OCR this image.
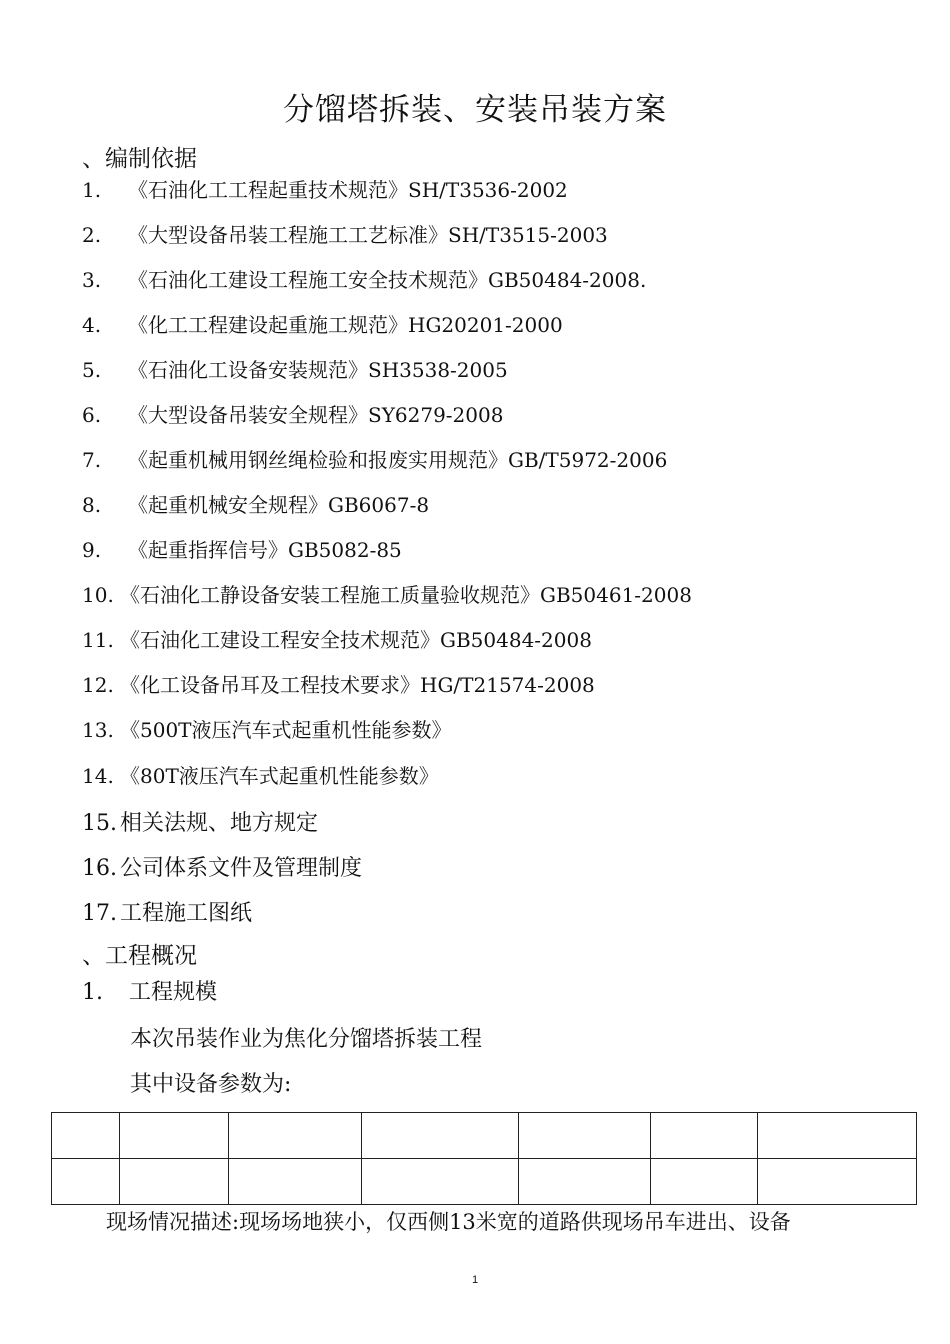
分馏塔拆装、安装吊装方案
、编制依据
1. 《石油化工工程起重技术规范》SH/T3536-2002
2. 《大型设备吊装工程施工工艺标准》SH/T3515-2003
3. 《石油化工建设工程施工安全技术规范》GB50484-2008.
4. 《化工工程建设起重施工规范》HG20201-2000
5. 《石油化工设备安装规范》SH3538-2005
6. 《大型设备吊装安全规程》SY6279-2008
7. 《起重机械用钢丝绳检验和报废实用规范》GB/T5972-2006
8. 《起重机械安全规程》GB6067-8
9. 《起重指挥信号》GB5082-85
10. 《石油化工静设备安装工程施工质量验收规范》GB50461-2008
11. 《石油化工建设工程安全技术规范》GB50484-2008
12. 《化工设备吊耳及工程技术要求》HG/T21574-2008
13. 《500T液压汽车式起重机性能参数》
14. 《80T液压汽车式起重机性能参数》
15. 相关法规、地方规定
16. 公司体系文件及管理制度
17. 工程施工图纸
、工程概况
1. 工程规模
本次吊装作业为焦化分馏塔拆装工程
其中设备参数为:

现场情况描述:现场场地狭小，仅西侧13米宽的道路供现场吊车进出、设备
1
